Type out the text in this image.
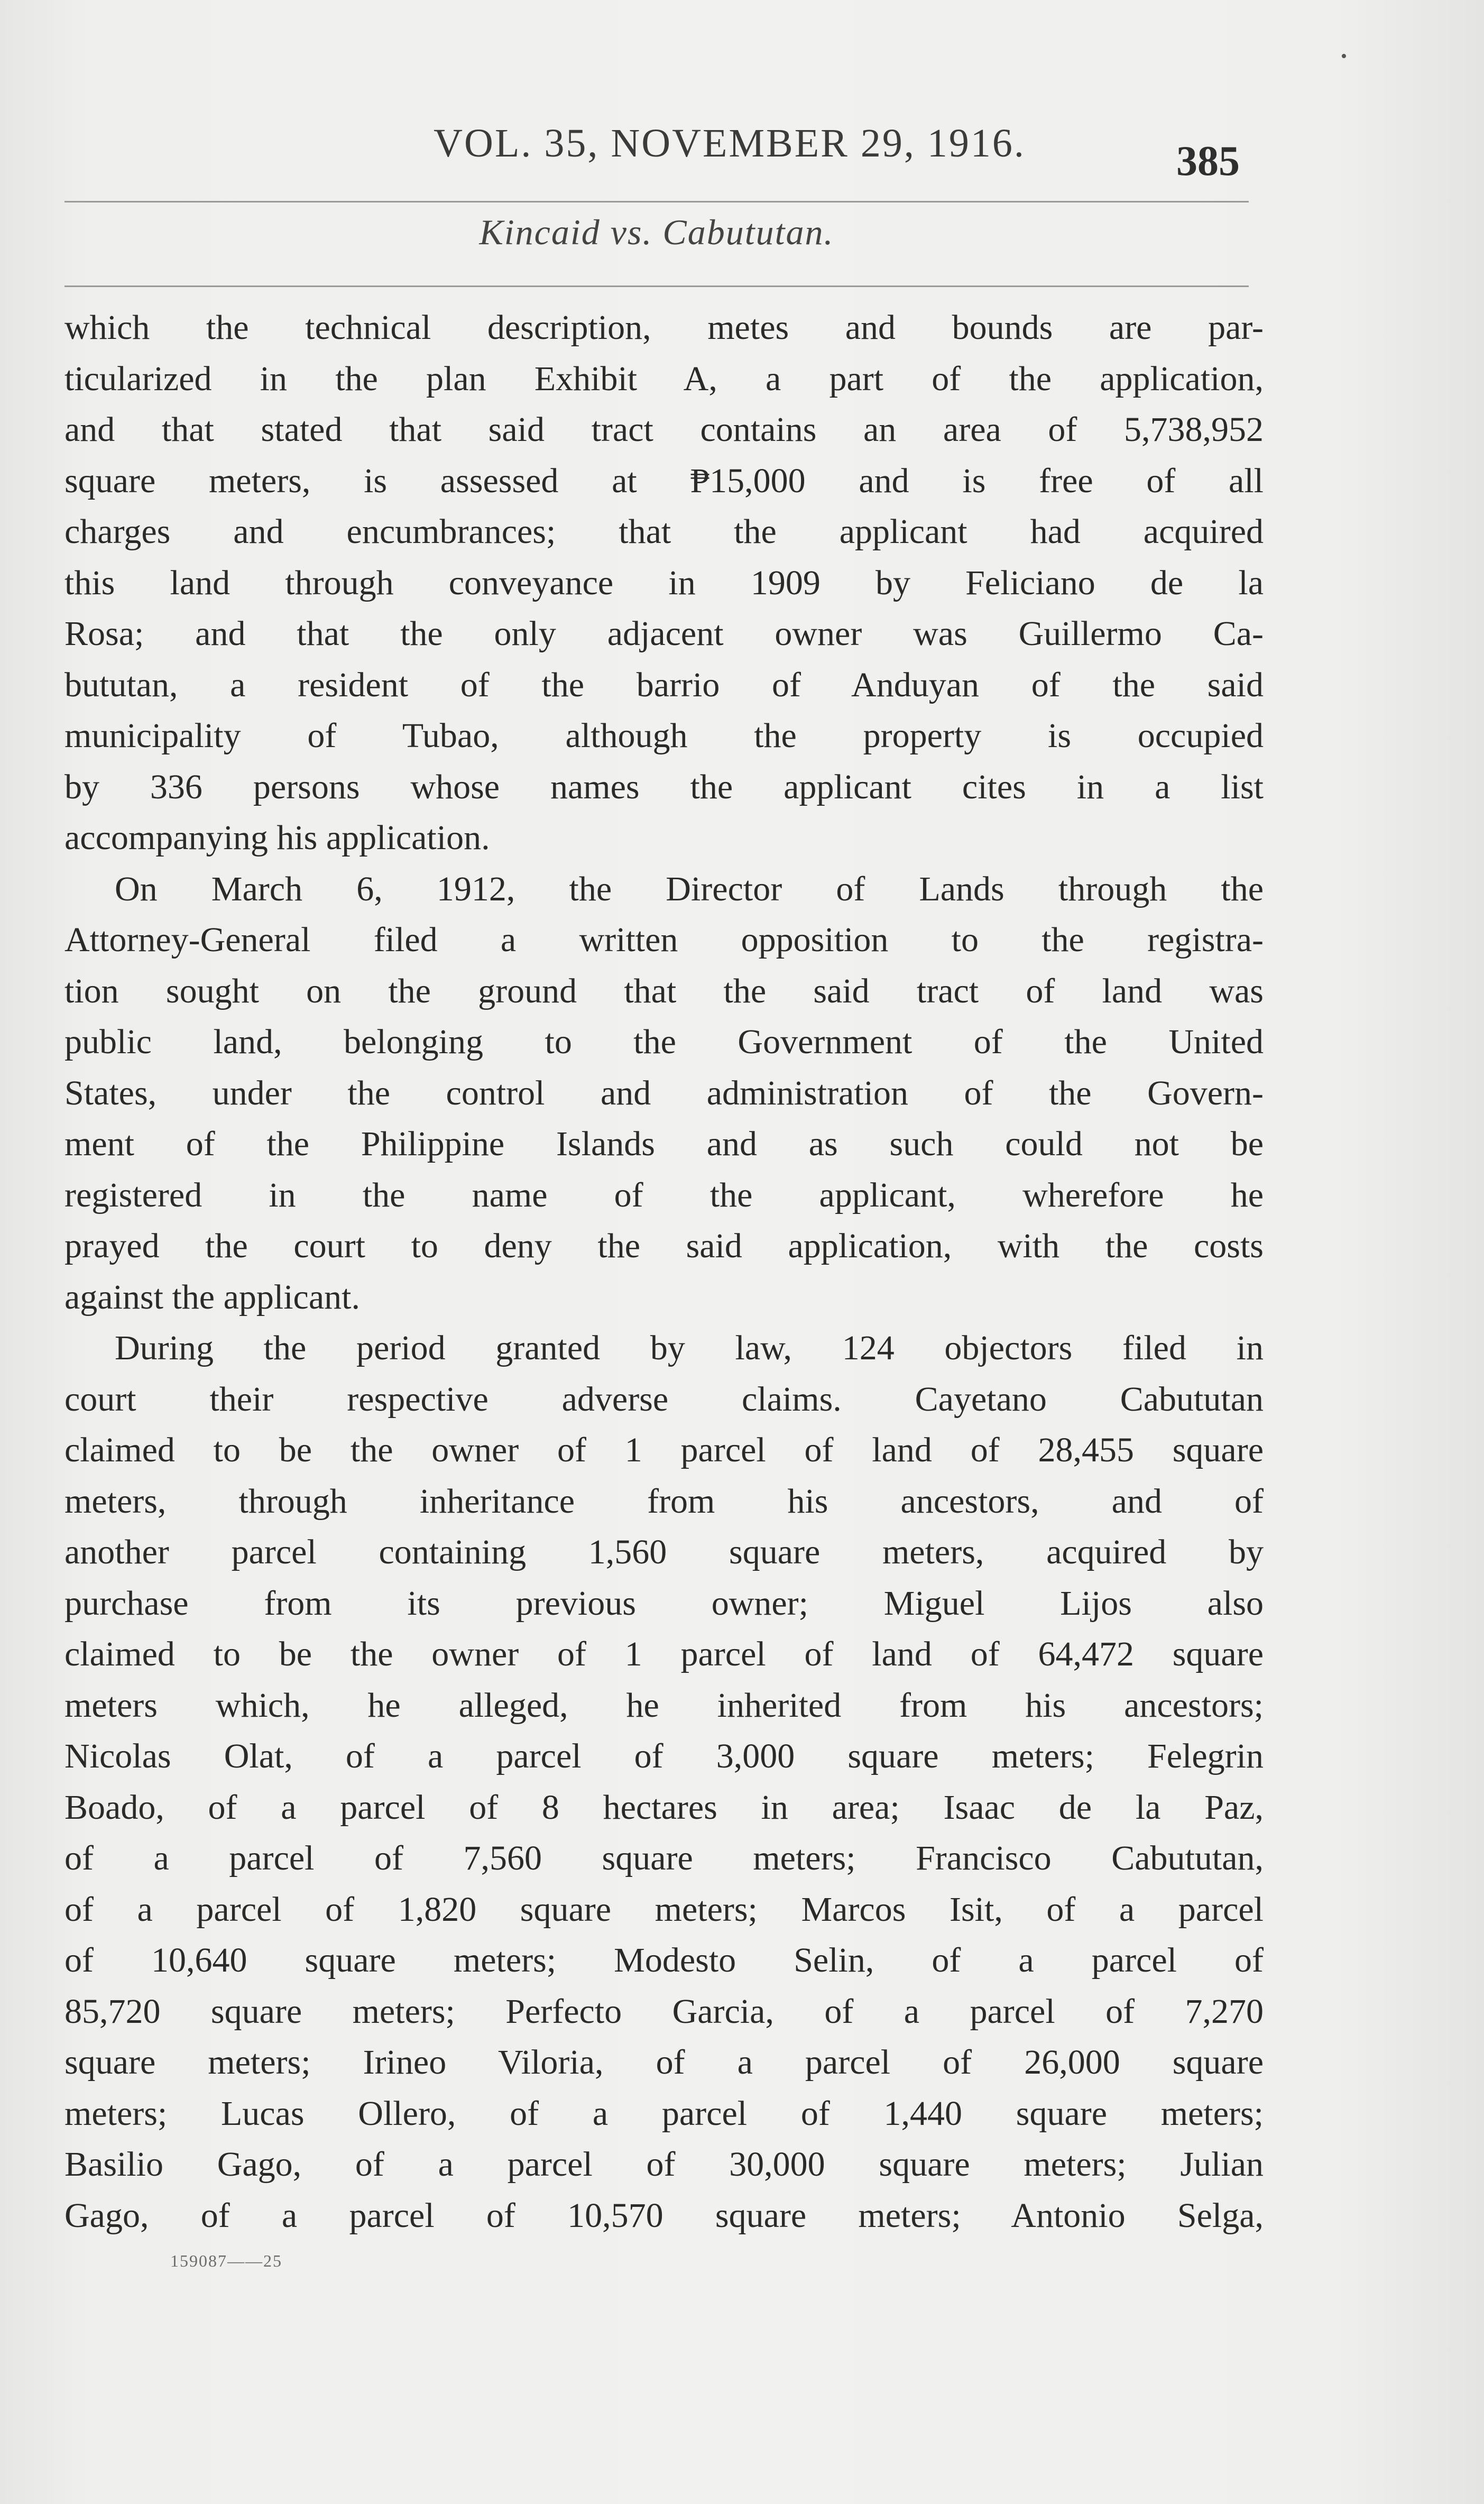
•
VOL. 35, NOVEMBER 29, 1916.	385
Kincaid vs. Cabututan.

which the technical description, metes and bounds are par-

ticularized in the plan Exhibit A, a part of the application,

and that stated that said tract contains an area of 5,738,952

square meters, is assessed at ₱15,000 and is free of all

charges and encumbrances; that the applicant had acquired

this land through conveyance in 1909 by Feliciano de la

Rosa; and that the only adjacent owner was Guillermo Ca-

bututan, a resident of the barrio of Anduyan of the said

municipality of Tubao, although the property is occupied

by 336 persons whose names the applicant cites in a list

accompanying his application.

On March 6, 1912, the Director of Lands through the

Attorney-General filed a written opposition to the registra-

tion sought on the ground that the said tract of land was

public land, belonging to the Government of the United

States, under the control and administration of the Govern-

ment of the Philippine Islands and as such could not be

registered in the name of the applicant, wherefore he

prayed the court to deny the said application, with the costs

against the applicant.

During the period granted by law, 124 objectors filed in

court their respective adverse claims. Cayetano Cabututan

claimed to be the owner of 1 parcel of land of 28,455 square

meters, through inheritance from his ancestors, and of

another parcel containing 1,560 square meters, acquired by

purchase from its previous owner; Miguel Lijos also

claimed to be the owner of 1 parcel of land of 64,472 square

meters which, he alleged, he inherited from his ancestors;

Nicolas Olat, of a parcel of 3,000 square meters; Felegrin

Boado, of a parcel of 8 hectares in area; Isaac de la Paz,

of a parcel of 7,560 square meters; Francisco Cabututan,

of a parcel of 1,820 square meters; Marcos Isit, of a parcel

of 10,640 square meters; Modesto Selin, of a parcel of

85,720 square meters; Perfecto Garcia, of a parcel of 7,270

square meters; Irineo Viloria, of a parcel of 26,000 square

meters; Lucas Ollero, of a parcel of 1,440 square meters;

Basilio Gago, of a parcel of 30,000 square meters; Julian

Gago, of a parcel of 10,570 square meters; Antonio Selga,

159087——25
